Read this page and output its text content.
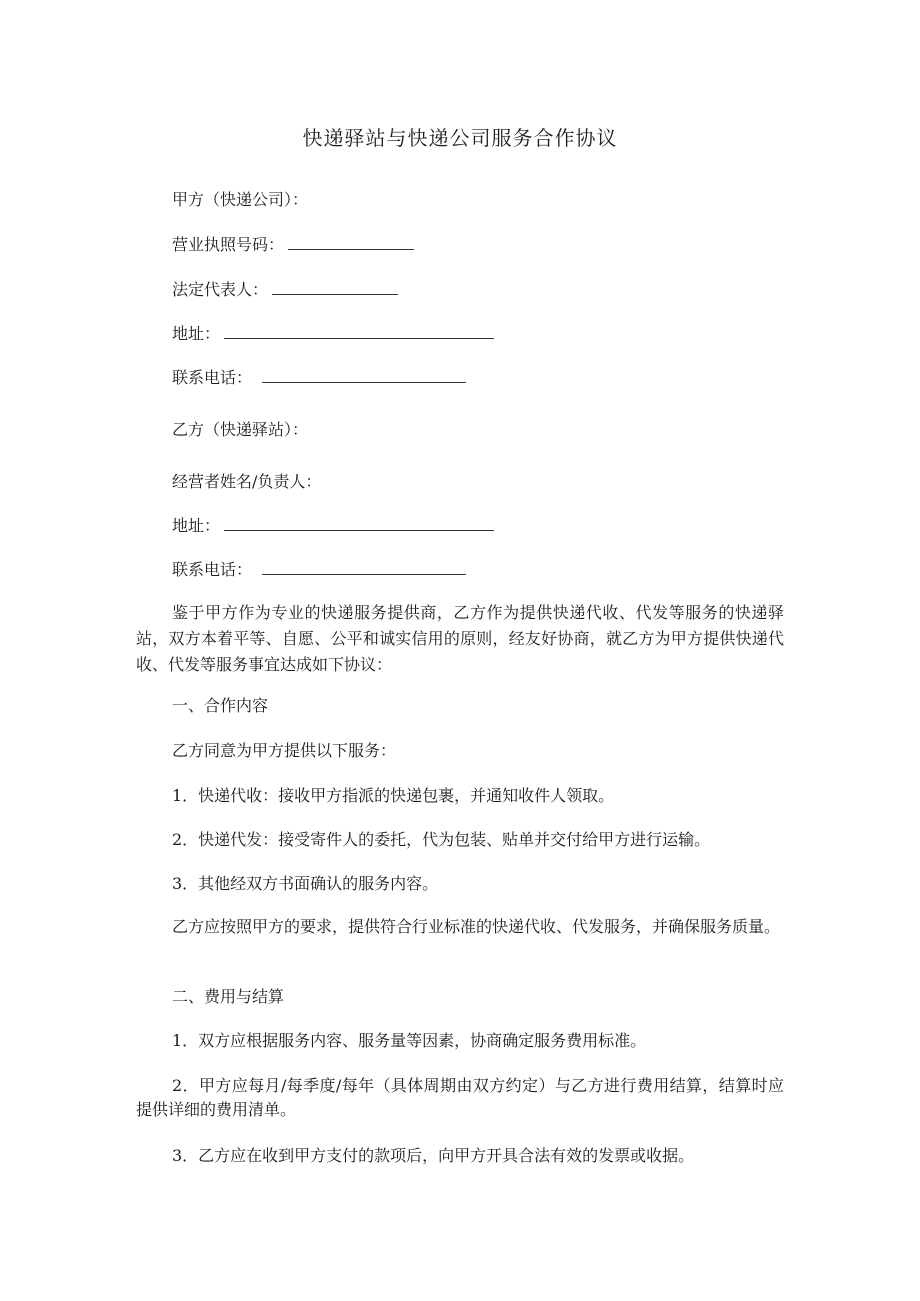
快递驿站与快递公司服务合作协议
甲方（快递公司）：
营业执照号码：
法定代表人：
地址：
联系电话：
乙方（快递驿站）：
经营者姓名/负责人：
地址：
联系电话：
鉴于甲方作为专业的快递服务提供商，乙方作为提供快递代收、代发等服务的快递驿站，双方本着平等、自愿、公平和诚实信用的原则，经友好协商，就乙方为甲方提供快递代收、代发等服务事宜达成如下协议：
一、合作内容
乙方同意为甲方提供以下服务：
1．快递代收：接收甲方指派的快递包裹，并通知收件人领取。
2．快递代发：接受寄件人的委托，代为包装、贴单并交付给甲方进行运输。
3．其他经双方书面确认的服务内容。
乙方应按照甲方的要求，提供符合行业标准的快递代收、代发服务，并确保服务质量。
二、费用与结算
1．双方应根据服务内容、服务量等因素，协商确定服务费用标准。
2．甲方应每月/每季度/每年（具体周期由双方约定）与乙方进行费用结算，结算时应提供详细的费用清单。
3．乙方应在收到甲方支付的款项后，向甲方开具合法有效的发票或收据。
